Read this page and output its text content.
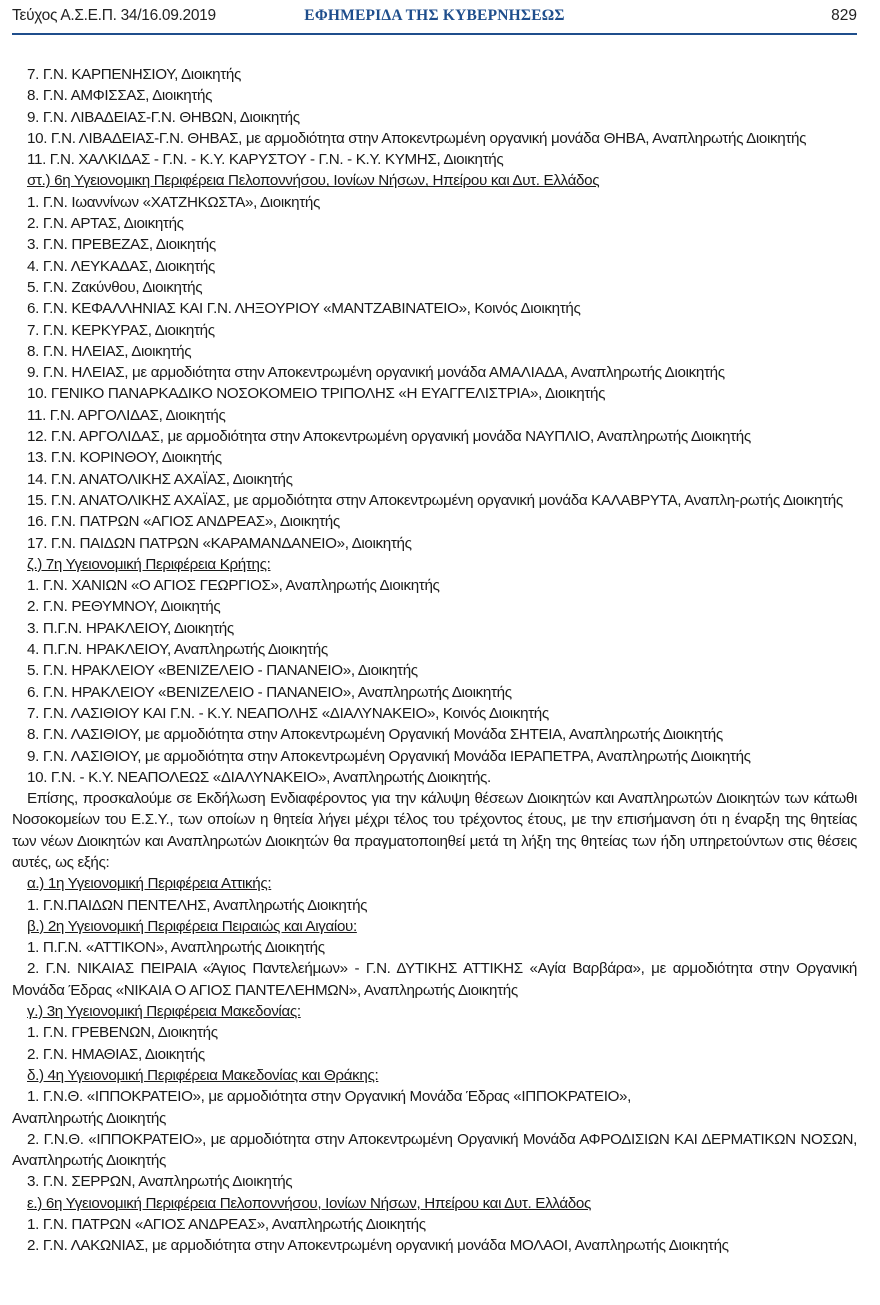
Τεύχος Α.Σ.Ε.Π. 34/16.09.2019	ΕΦΗΜΕΡΙΔΑ ΤΗΣ ΚΥΒΕΡΝΗΣΕΩΣ	829

7. Γ.Ν. ΚΑΡΠΕΝΗΣΙΟΥ, Διοικητής

8. Γ.Ν. ΑΜΦΙΣΣΑΣ, Διοικητής

9. Γ.Ν. ΛΙΒΑΔΕΙΑΣ-Γ.Ν. ΘΗΒΩΝ, Διοικητής

10. Γ.Ν. ΛΙΒΑΔΕΙΑΣ-Γ.Ν. ΘΗΒΑΣ, με αρμοδιότητα στην Αποκεντρωμένη οργανική μονάδα ΘΗΒΑ, Αναπληρωτής Διοικητής

11. Γ.Ν. ΧΑΛΚΙΔΑΣ - Γ.Ν. - Κ.Υ. ΚΑΡΥΣΤΟΥ - Γ.Ν. - Κ.Υ. ΚΥΜΗΣ, Διοικητής

στ.) 6η Υγειονομικη Περιφέρεια Πελοποννήσου, Ιονίων Νήσων, Ηπείρου και Δυτ. Ελλάδος

1. Γ.Ν. Ιωαννίνων «ΧΑΤΖΗΚΩΣΤΑ», Διοικητής

2. Γ.Ν. ΑΡΤΑΣ, Διοικητής

3. Γ.Ν. ΠΡΕΒΕΖΑΣ, Διοικητής

4. Γ.Ν. ΛΕΥΚΑΔΑΣ, Διοικητής

5. Γ.Ν. Ζακύνθου, Διοικητής

6. Γ.Ν. ΚΕΦΑΛΛΗΝΙΑΣ ΚΑΙ Γ.Ν. ΛΗΞΟΥΡΙΟΥ «ΜΑΝΤΖΑΒΙΝΑΤΕΙΟ», Κοινός Διοικητής

7. Γ.Ν. ΚΕΡΚΥΡΑΣ, Διοικητής

8. Γ.Ν. ΗΛΕΙΑΣ, Διοικητής

9. Γ.Ν. ΗΛΕΙΑΣ, με αρμοδιότητα στην Αποκεντρωμένη οργανική μονάδα ΑΜΑΛΙΑΔΑ, Αναπληρωτής Διοικητής

10. ΓΕΝΙΚΟ ΠΑΝΑΡΚΑΔΙΚΟ ΝΟΣΟΚΟΜΕΙΟ ΤΡΙΠΟΛΗΣ «Η ΕΥΑΓΓΕΛΙΣΤΡΙΑ», Διοικητής

11. Γ.Ν. ΑΡΓΟΛΙΔΑΣ, Διοικητής

12. Γ.Ν. ΑΡΓΟΛΙΔΑΣ, με αρμοδιότητα στην Αποκεντρωμένη οργανική μονάδα ΝΑΥΠΛΙΟ, Αναπληρωτής Διοικητής

13. Γ.Ν. ΚΟΡΙΝΘΟΥ, Διοικητής

14. Γ.Ν. ΑΝΑΤΟΛΙΚΗΣ ΑΧΑΪΑΣ, Διοικητής

15. Γ.Ν. ΑΝΑΤΟΛΙΚΗΣ ΑΧΑΪΑΣ, με αρμοδιότητα στην Αποκεντρωμένη οργανική μονάδα ΚΑΛΑΒΡΥΤΑ, Αναπλη-ρωτής Διοικητής

16. Γ.Ν. ΠΑΤΡΩΝ «ΑΓΙΟΣ ΑΝΔΡΕΑΣ», Διοικητής

17. Γ.Ν. ΠΑΙΔΩΝ ΠΑΤΡΩΝ «ΚΑΡΑΜΑΝΔΑΝΕΙΟ», Διοικητής

ζ.) 7η Υγειονομική Περιφέρεια Κρήτης:

1. Γ.Ν. ΧΑΝΙΩΝ «Ο ΑΓΙΟΣ ΓΕΩΡΓΙΟΣ», Αναπληρωτής Διοικητής

2. Γ.Ν. ΡΕΘΥΜΝΟΥ, Διοικητής

3. Π.Γ.Ν. ΗΡΑΚΛΕΙΟΥ, Διοικητής

4. Π.Γ.Ν. ΗΡΑΚΛΕΙΟΥ, Αναπληρωτής Διοικητής

5. Γ.Ν. ΗΡΑΚΛΕΙΟΥ «ΒΕΝΙΖΕΛΕΙΟ - ΠΑΝΑΝΕΙΟ», Διοικητής

6. Γ.Ν. ΗΡΑΚΛΕΙΟΥ «ΒΕΝΙΖΕΛΕΙΟ - ΠΑΝΑΝΕΙΟ», Αναπληρωτής Διοικητής

7. Γ.Ν. ΛΑΣΙΘΙΟΥ ΚΑΙ Γ.Ν. - Κ.Υ. ΝΕΑΠΟΛΗΣ «ΔΙΑΛΥΝΑΚΕΙΟ», Κοινός Διοικητής

8. Γ.Ν. ΛΑΣΙΘΙΟΥ, με αρμοδιότητα στην Αποκεντρωμένη Οργανική Μονάδα ΣΗΤΕΙΑ, Αναπληρωτής Διοικητής

9. Γ.Ν. ΛΑΣΙΘΙΟΥ, με αρμοδιότητα στην Αποκεντρωμένη Οργανική Μονάδα ΙΕΡΑΠΕΤΡΑ, Αναπληρωτής Διοικητής

10. Γ.Ν. - Κ.Υ. ΝΕΑΠΟΛΕΩΣ «ΔΙΑΛΥΝΑΚΕΙΟ», Αναπληρωτής Διοικητής.

Επίσης, προσκαλούμε σε Εκδήλωση Ενδιαφέροντος για την κάλυψη θέσεων Διοικητών και Αναπληρωτών Διοικητών των κάτωθι Νοσοκομείων του Ε.Σ.Υ., των οποίων η θητεία λήγει μέχρι τέλος του τρέχοντος έτους, με την επισήμανση ότι η έναρξη της θητείας των νέων Διοικητών και Αναπληρωτών Διοικητών θα πραγματοποιηθεί μετά τη λήξη της θητείας των ήδη υπηρετούντων στις θέσεις αυτές, ως εξής:

α.) 1η Υγειονομική Περιφέρεια Αττικής:

1. Γ.Ν.ΠΑΙΔΩΝ ΠΕΝΤΕΛΗΣ, Αναπληρωτής Διοικητής

β.) 2η Υγειονομική Περιφέρεια Πειραιώς και Αιγαίου:

1. Π.Γ.Ν. «ΑΤΤΙΚΟΝ», Αναπληρωτής Διοικητής

2. Γ.Ν. ΝΙΚΑΙΑΣ ΠΕΙΡΑΙΑ «Άγιος Παντελεήμων» - Γ.Ν. ΔΥΤΙΚΗΣ ΑΤΤΙΚΗΣ «Αγία Βαρβάρα», με αρμοδιότητα στην Οργανική Μονάδα Έδρας «ΝΙΚΑΙΑ Ο ΑΓΙΟΣ ΠΑΝΤΕΛΕΗΜΩΝ», Αναπληρωτής Διοικητής

γ.) 3η Υγειονομική Περιφέρεια Μακεδονίας:

1. Γ.Ν. ΓΡΕΒΕΝΩΝ, Διοικητής

2. Γ.Ν. ΗΜΑΘΙΑΣ, Διοικητής

δ.) 4η Υγειονομική Περιφέρεια Μακεδονίας και Θράκης:

1. Γ.Ν.Θ. «ΙΠΠΟΚΡΑΤΕΙΟ», με αρμοδιότητα στην Οργανική Μονάδα Έδρας «ΙΠΠΟΚΡΑΤΕΙΟ»,

Αναπληρωτής Διοικητής

2. Γ.Ν.Θ. «ΙΠΠΟΚΡΑΤΕΙΟ», με αρμοδιότητα στην Αποκεντρωμένη Οργανική Μονάδα ΑΦΡΟΔΙΣΙΩΝ ΚΑΙ ΔΕΡΜΑΤΙΚΩΝ ΝΟΣΩΝ, Αναπληρωτής Διοικητής

3. Γ.Ν. ΣΕΡΡΩΝ, Αναπληρωτής Διοικητής

ε.) 6η Υγειονομική Περιφέρεια Πελοποννήσου, Ιονίων Νήσων, Ηπείρου και Δυτ. Ελλάδος

1. Γ.Ν. ΠΑΤΡΩΝ «ΑΓΙΟΣ ΑΝΔΡΕΑΣ», Αναπληρωτής Διοικητής

2. Γ.Ν. ΛΑΚΩΝΙΑΣ, με αρμοδιότητα στην Αποκεντρωμένη οργανική μονάδα ΜΟΛΑΟΙ, Αναπληρωτής Διοικητής
